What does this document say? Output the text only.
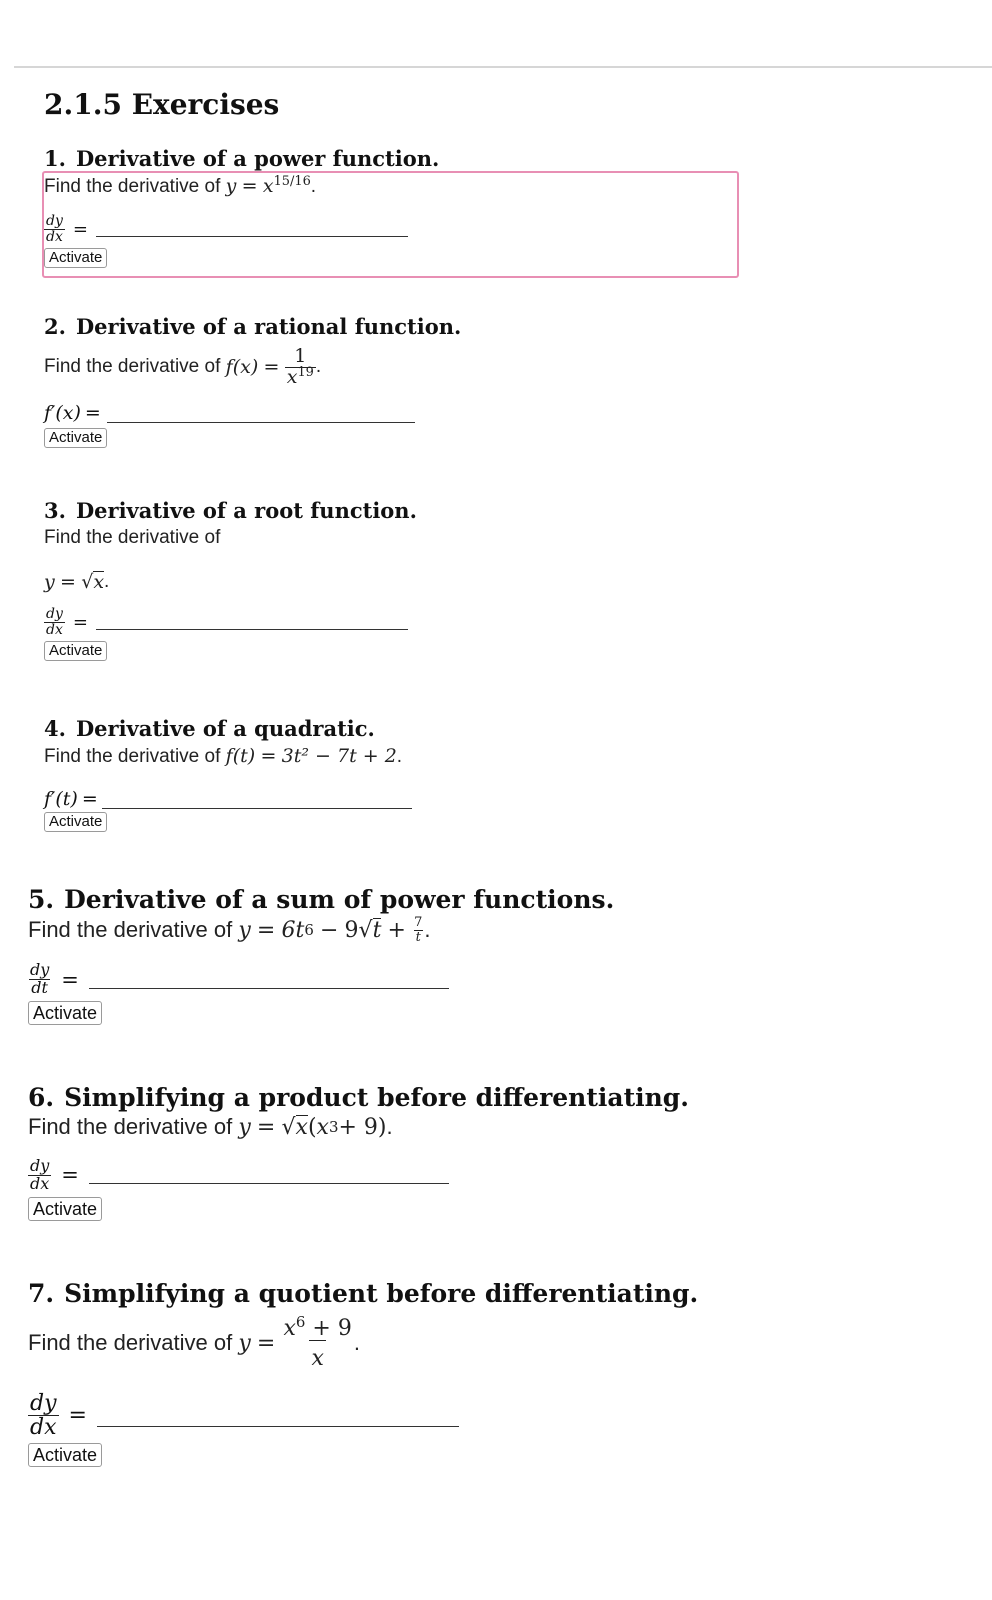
2.1.5 Exercises
1. Derivative of a power function.
Find the derivative of $y = x^{15/16}$.
$\frac{dy}{dx}$ =
Activate
2. Derivative of a rational function.
Find the derivative of
f(x)
=
$\frac{1}{x^{19}}$ .
f′(x) =
Activate
3. Derivative of a root function.
Find the derivative of
y
=
√ x .
$\frac{dy}{dx}$ =
Activate
4. Derivative of a quadratic.
Find the derivative of f(t) = 3t² − 7t + 2.
f′(t) =
Activate
5. Derivative of a sum of power functions.
Find the derivative of
y
=
6t 6
−
9 √ t
+
$\frac{7}{t}$ .
$\frac{dy}{dt}$ =
Activate
6. Simplifying a product before differentiating.
Find the derivative of
y
=
√ x ( x 3 + 9 ) .
$\frac{dy}{dx}$ =
Activate
7. Simplifying a quotient before differentiating.
Find the derivative of
y
=
$\frac{x^6 + 9}{x}$ .
$\frac{dy}{dx}$ =
Activate
